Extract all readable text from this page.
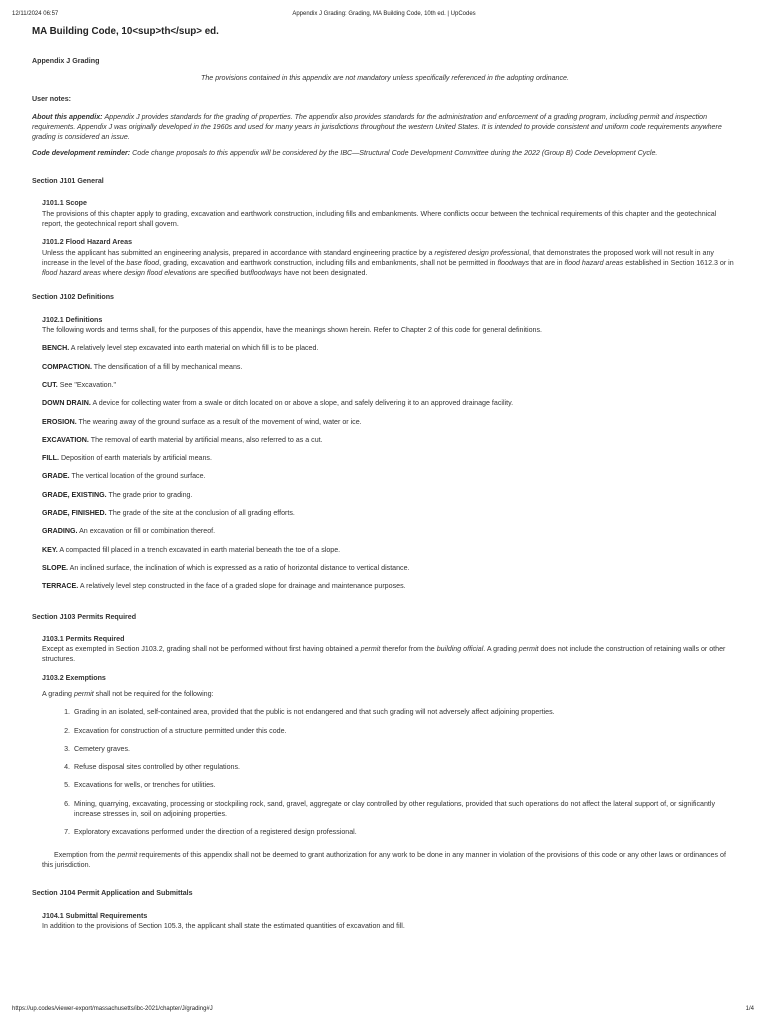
12/11/2024 06:57	Appendix J Grading: Grading, MA Building Code, 10th ed. | UpCodes
MA Building Code, 10<sup>th</sup> ed.

Appendix J Grading

The provisions contained in this appendix are not mandatory unless specifically referenced in the adopting ordinance.

User notes:

About this appendix: Appendix J provides standards for the grading of properties. The appendix also provides standards for the administration and enforcement of a grading program, including permit and inspection requirements. Appendix J was originally developed in the 1960s and used for many years in jurisdictions throughout the western United States. It is intended to provide consistent and uniform code requirements anywhere grading is considered an issue.

Code development reminder: Code change proposals to this appendix will be considered by the IBC—Structural Code Development Committee during the 2022 (Group B) Code Development Cycle.

Section J101 General

J101.1 Scope

The provisions of this chapter apply to grading, excavation and earthwork construction, including fills and embankments. Where conflicts occur between the technical requirements of this chapter and the geotechnical report, the geotechnical report shall govern.

J101.2 Flood Hazard Areas

Unless the applicant has submitted an engineering analysis, prepared in accordance with standard engineering practice by a registered design professional, that demonstrates the proposed work will not result in any increase in the level of the base flood, grading, excavation and earthwork construction, including fills and embankments, shall not be permitted in floodways that are in flood hazard areas established in Section 1612.3 or in flood hazard areas where design flood elevations are specified butfloodways have not been designated.

Section J102 Definitions

J102.1 Definitions

The following words and terms shall, for the purposes of this appendix, have the meanings shown herein. Refer to Chapter 2 of this code for general definitions.

BENCH. A relatively level step excavated into earth material on which fill is to be placed.

COMPACTION. The densification of a fill by mechanical means.

CUT. See "Excavation."

DOWN DRAIN. A device for collecting water from a swale or ditch located on or above a slope, and safely delivering it to an approved drainage facility.

EROSION. The wearing away of the ground surface as a result of the movement of wind, water or ice.

EXCAVATION. The removal of earth material by artificial means, also referred to as a cut.

FILL. Deposition of earth materials by artificial means.

GRADE. The vertical location of the ground surface.

GRADE, EXISTING. The grade prior to grading.

GRADE, FINISHED. The grade of the site at the conclusion of all grading efforts.

GRADING. An excavation or fill or combination thereof.

KEY. A compacted fill placed in a trench excavated in earth material beneath the toe of a slope.

SLOPE. An inclined surface, the inclination of which is expressed as a ratio of horizontal distance to vertical distance.

TERRACE. A relatively level step constructed in the face of a graded slope for drainage and maintenance purposes.

Section J103 Permits Required

J103.1 Permits Required

Except as exempted in Section J103.2, grading shall not be performed without first having obtained a permit therefor from the building official. A grading permit does not include the construction of retaining walls or other structures.

J103.2 Exemptions

A grading permit shall not be required for the following:

1. Grading in an isolated, self-contained area, provided that the public is not endangered and that such grading will not adversely affect adjoining properties.
2. Excavation for construction of a structure permitted under this code.
3. Cemetery graves.
4. Refuse disposal sites controlled by other regulations.
5. Excavations for wells, or trenches for utilities.
6. Mining, quarrying, excavating, processing or stockpiling rock, sand, gravel, aggregate or clay controlled by other regulations, provided that such operations do not affect the lateral support of, or significantly increase stresses in, soil on adjoining properties.
7. Exploratory excavations performed under the direction of a registered design professional.

Exemption from the permit requirements of this appendix shall not be deemed to grant authorization for any work to be done in any manner in violation of the provisions of this code or any other laws or ordinances of this jurisdiction.

Section J104 Permit Application and Submittals

J104.1 Submittal Requirements

In addition to the provisions of Section 105.3, the applicant shall state the estimated quantities of excavation and fill.

https://up.codes/viewer-export/massachusetts/ibc-2021/chapter/J/grading#J	1/4
